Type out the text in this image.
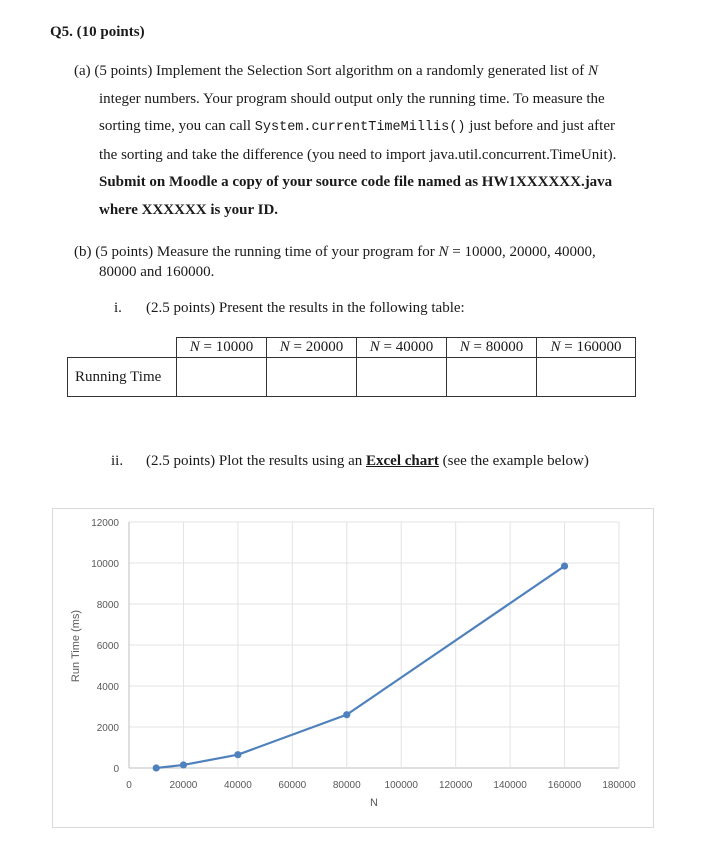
Q5. (10 points)
(a) (5 points) Implement the Selection Sort algorithm on a randomly generated list of N
integer numbers. Your program should output only the running time. To measure the
sorting time, you can call System.currentTimeMillis() just before and just after
the sorting and take the difference (you need to import java.util.concurrent.TimeUnit).
Submit on Moodle a copy of your source code file named as HW1XXXXXX.java
where XXXXXX is your ID.
(b) (5 points) Measure the running time of your program for N = 10000, 20000, 40000,
80000 and 160000.
i. (2.5 points) Present the results in the following table:
	N = 10000	N = 20000	N = 40000	N = 80000	N = 160000
Running Time					
ii. (2.5 points) Plot the results using an Excel chart (see the example below)
0
2000
4000
6000
8000
10000
12000
0	20000	40000	60000	80000 100000 120000 140000 160000 180000
Run Time (ms)
N
